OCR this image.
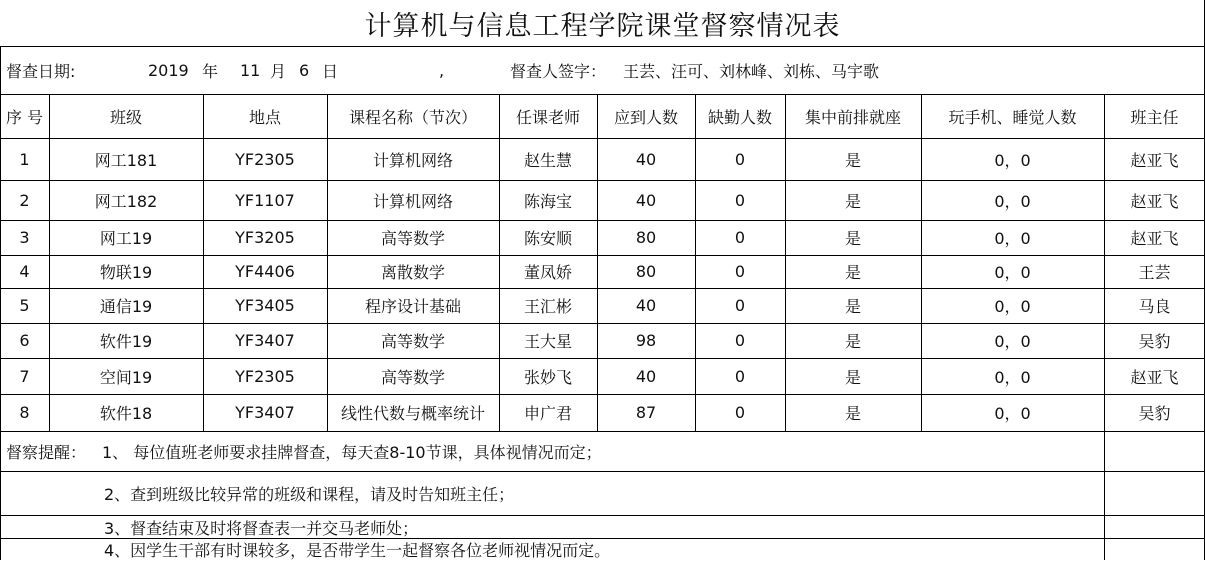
计算机与信息工程学院课堂督察情况表
督查日期:	2019 年 11 月 6 日	,	督查人签字： 王芸、汪可、刘林峰、刘栋、马宇歌
序 号	班级	地点	课程名称（节次）	任课老师	应到人数	缺勤人数	集中前排就座	玩手机、睡觉人数	班主任
1	网工181	YF2305	计算机网络	赵生慧	40	0	是	0，0	赵亚飞
2	网工182	YF1107	计算机网络	陈海宝	40	0	是	0，0	赵亚飞
3	网工19	YF3205	高等数学	陈安顺	80	0	是	0，0	赵亚飞
4	物联19	YF4406	离散数学	董凤娇	80	0	是	0，0	王芸
5	通信19	YF3405	程序设计基础	王汇彬	40	0	是	0，0	马良
6	软件19	YF3407	高等数学	王大星	98	0	是	0，0	吴豹
7	空间19	YF2305	高等数学	张妙飞	40	0	是	0，0	赵亚飞
8	软件18	YF3407	线性代数与概率统计	申广君	87	0	是	0，0	吴豹
督察提醒： 1、 每位值班老师要求挂牌督查，每天查8-10节课，具体视情况而定；
2、查到班级比较异常的班级和课程，请及时告知班主任；
3、督查结束及时将督查表一并交马老师处；
4、因学生干部有时课较多，是否带学生一起督察各位老师视情况而定。
